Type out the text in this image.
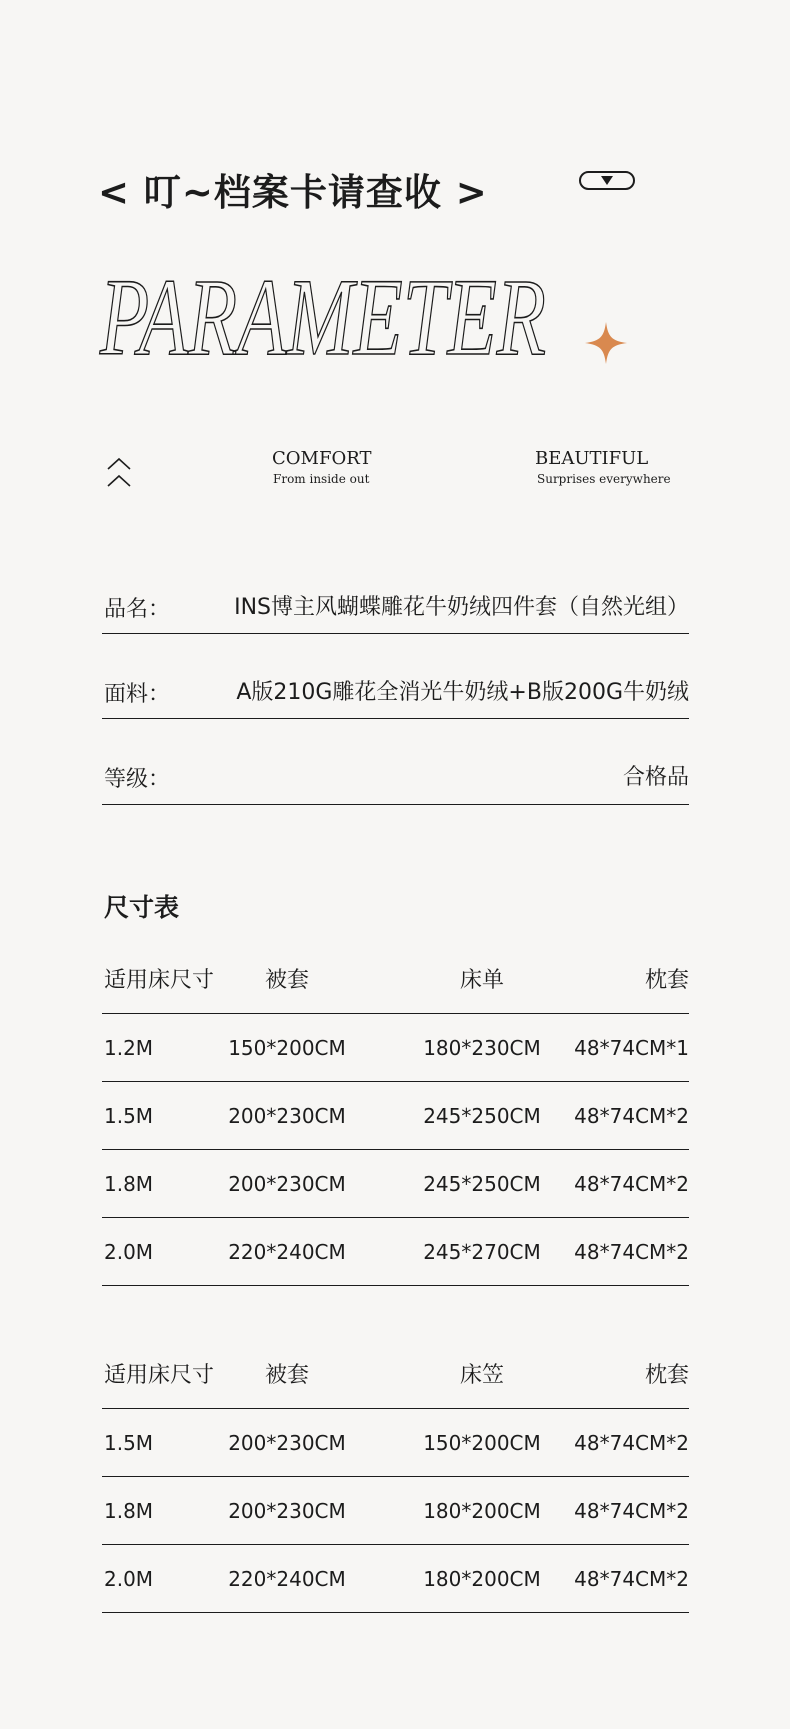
< 叮~档案卡请查收 >
PARAMETER
COMFORT
From inside out
BEAUTIFUL
Surprises everywhere
品名：	INS博主风蝴蝶雕花牛奶绒四件套（自然光组）
面料：	A版210G雕花全消光牛奶绒+B版200G牛奶绒
等级：	合格品
尺寸表
适用床尺寸	被套	床单	枕套
1.2M	150*200CM	180*230CM	48*74CM*1
1.5M	200*230CM	245*250CM	48*74CM*2
1.8M	200*230CM	245*250CM	48*74CM*2
2.0M	220*240CM	245*270CM	48*74CM*2
适用床尺寸	被套	床笠	枕套
1.5M	200*230CM	150*200CM	48*74CM*2
1.8M	200*230CM	180*200CM	48*74CM*2
2.0M	220*240CM	180*200CM	48*74CM*2
